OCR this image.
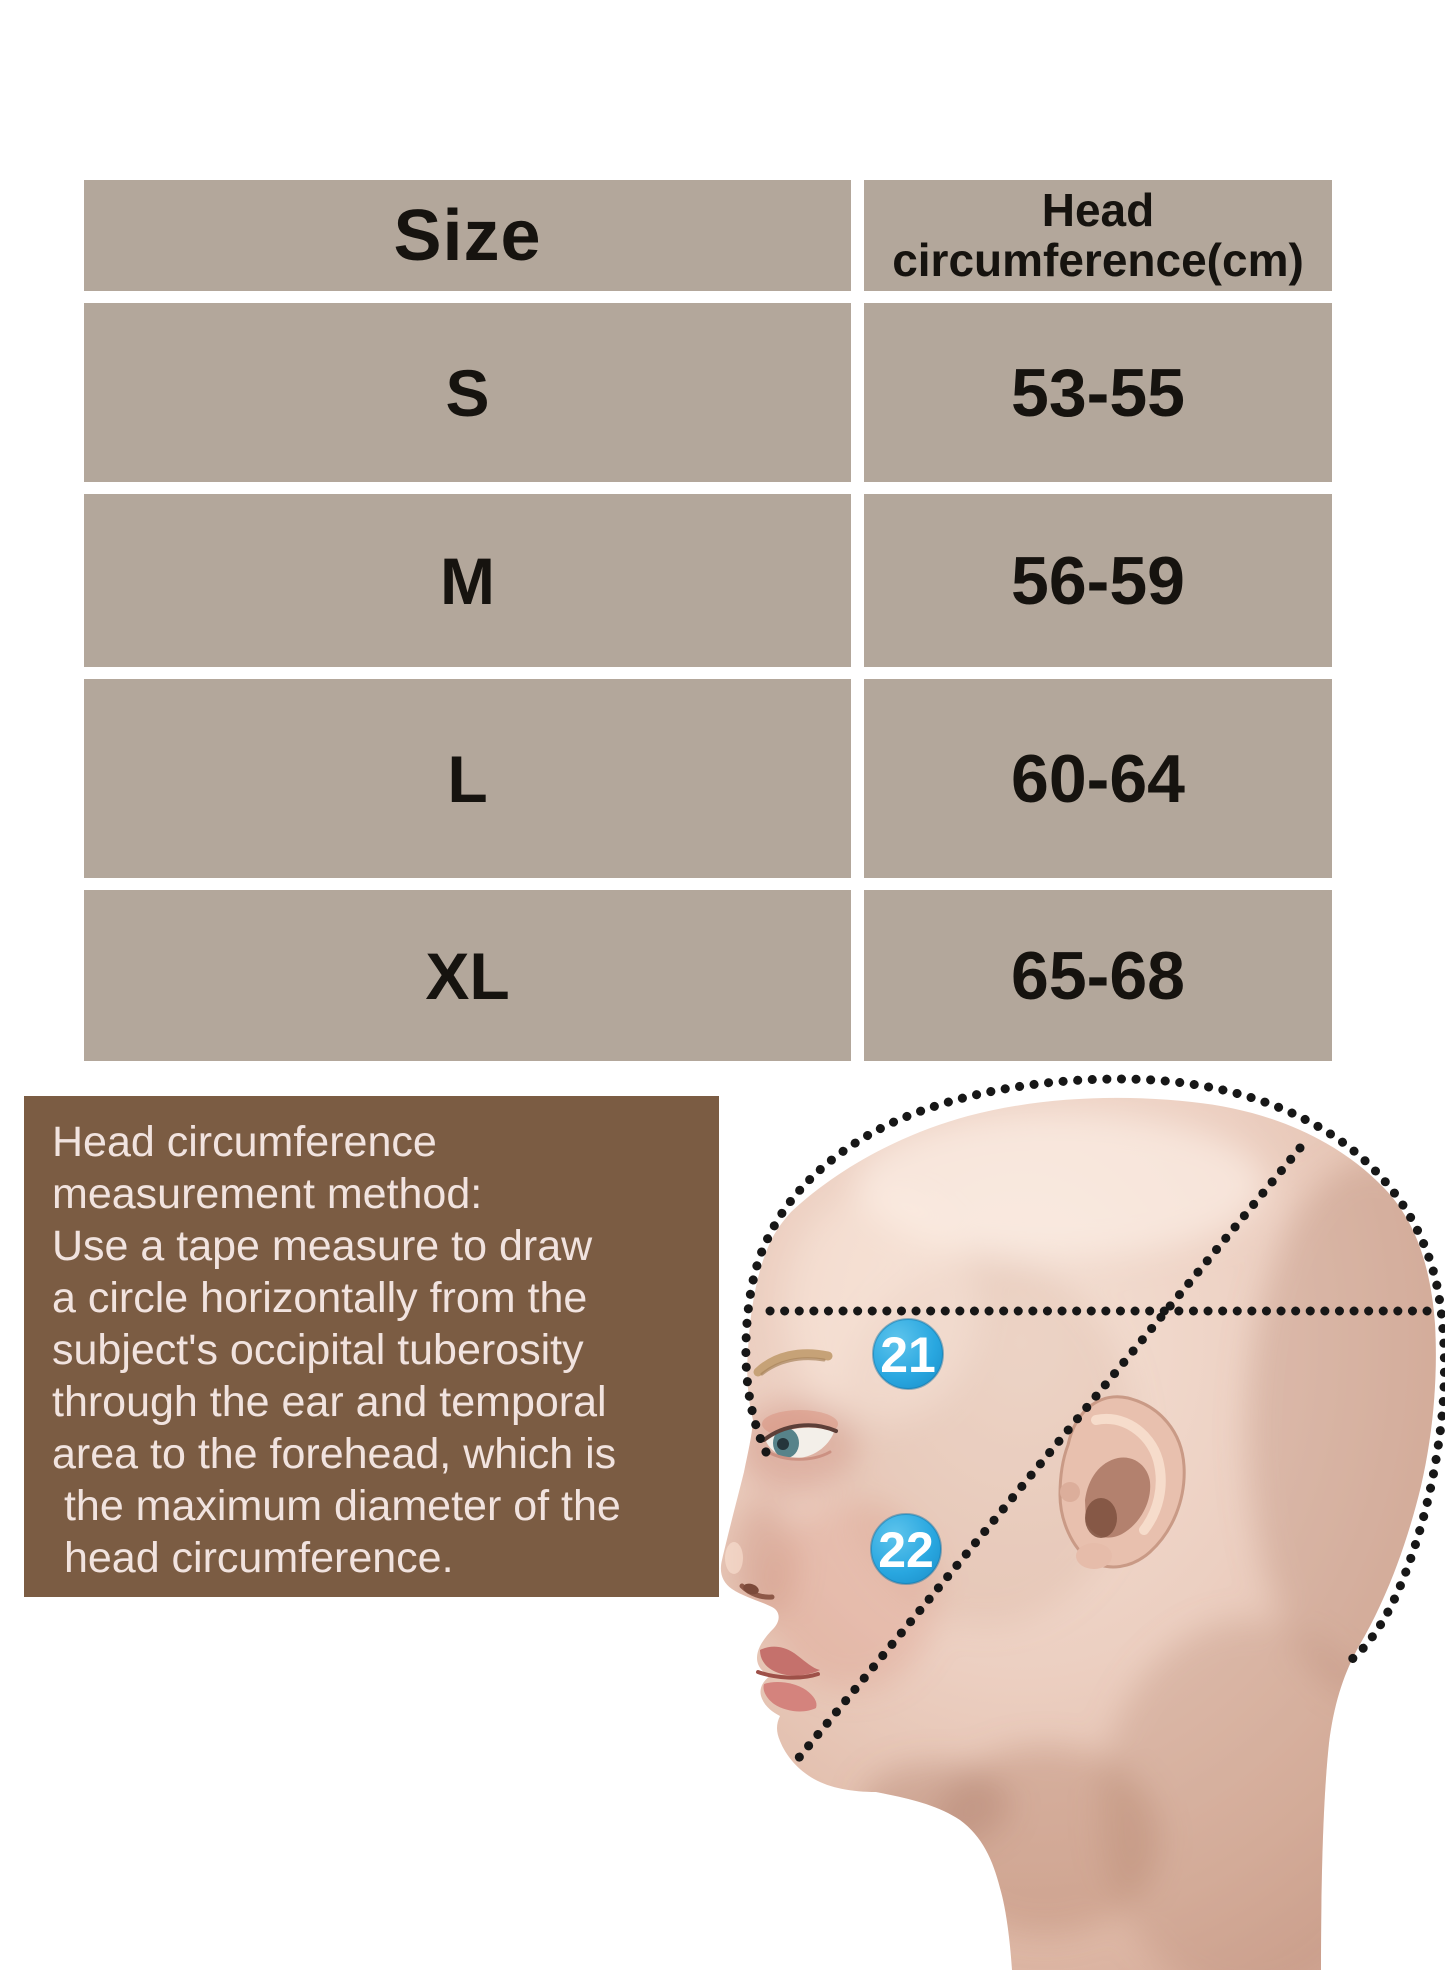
Size	Head
circumference(cm)
S	53-55
M	56-59
L	60-64
XL	65-68
Head circumference
measurement method:
Use a tape measure to draw
a circle horizontally from the
subject's occipital tuberosity
through the ear and temporal
area to the forehead, which is
the maximum diameter of the
head circumference.
21
22
